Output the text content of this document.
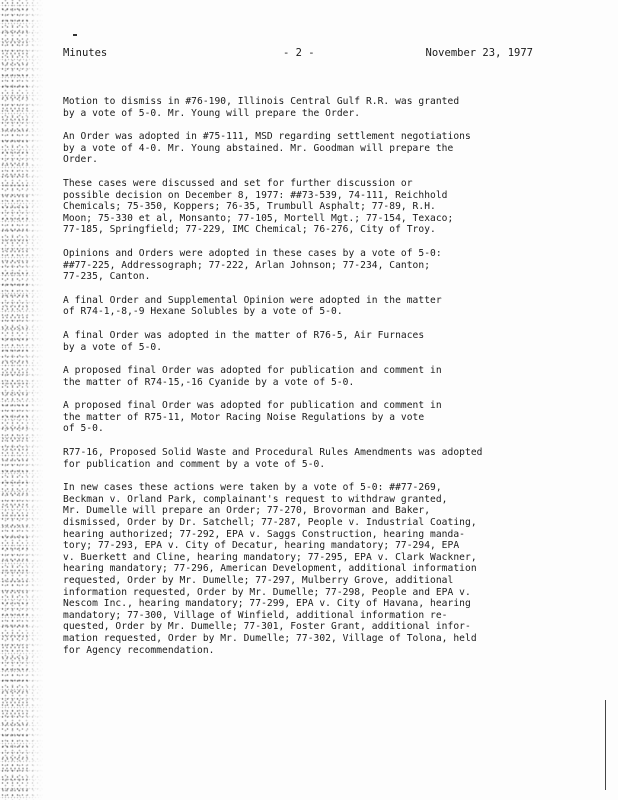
Minutes	- 2 -	November 23, 1977
Motion to dismiss in #76-190, Illinois Central Gulf R.R. was granted
by a vote of 5-0. Mr. Young will prepare the Order.
An Order was adopted in #75-111, MSD regarding settlement negotiations
by a vote of 4-0. Mr. Young abstained. Mr. Goodman will prepare the
Order.
These cases were discussed and set for further discussion or
possible decision on December 8, 1977: ##73-539, 74-111, Reichhold
Chemicals; 75-350, Koppers; 76-35, Trumbull Asphalt; 77-89, R.H.
Moon; 75-330 et al, Monsanto; 77-105, Mortell Mgt.; 77-154, Texaco;
77-185, Springfield; 77-229, IMC Chemical; 76-276, City of Troy.
Opinions and Orders were adopted in these cases by a vote of 5-0:
##77-225, Addressograph; 77-222, Arlan Johnson; 77-234, Canton;
77-235, Canton.
A final Order and Supplemental Opinion were adopted in the matter
of R74-1,-8,-9 Hexane Solubles by a vote of 5-0.
A final Order was adopted in the matter of R76-5, Air Furnaces
by a vote of 5-0.
A proposed final Order was adopted for publication and comment in
the matter of R74-15,-16 Cyanide by a vote of 5-0.
A proposed final Order was adopted for publication and comment in
the matter of R75-11, Motor Racing Noise Regulations by a vote
of 5-0.
R77-16, Proposed Solid Waste and Procedural Rules Amendments was adopted
for publication and comment by a vote of 5-0.
In new cases these actions were taken by a vote of 5-0: ##77-269,
Beckman v. Orland Park, complainant's request to withdraw granted,
Mr. Dumelle will prepare an Order; 77-270, Brovorman and Baker,
dismissed, Order by Dr. Satchell; 77-287, People v. Industrial Coating,
hearing authorized; 77-292, EPA v. Saggs Construction, hearing manda-
tory; 77-293, EPA v. City of Decatur, hearing mandatory; 77-294, EPA
v. Buerkett and Cline, hearing mandatory; 77-295, EPA v. Clark Wackner,
hearing mandatory; 77-296, American Development, additional information
requested, Order by Mr. Dumelle; 77-297, Mulberry Grove, additional
information requested, Order by Mr. Dumelle; 77-298, People and EPA v.
Nescom Inc., hearing mandatory; 77-299, EPA v. City of Havana, hearing
mandatory; 77-300, Village of Winfield, additional information re-
quested, Order by Mr. Dumelle; 77-301, Foster Grant, additional infor-
mation requested, Order by Mr. Dumelle; 77-302, Village of Tolona, held
for Agency recommendation.
